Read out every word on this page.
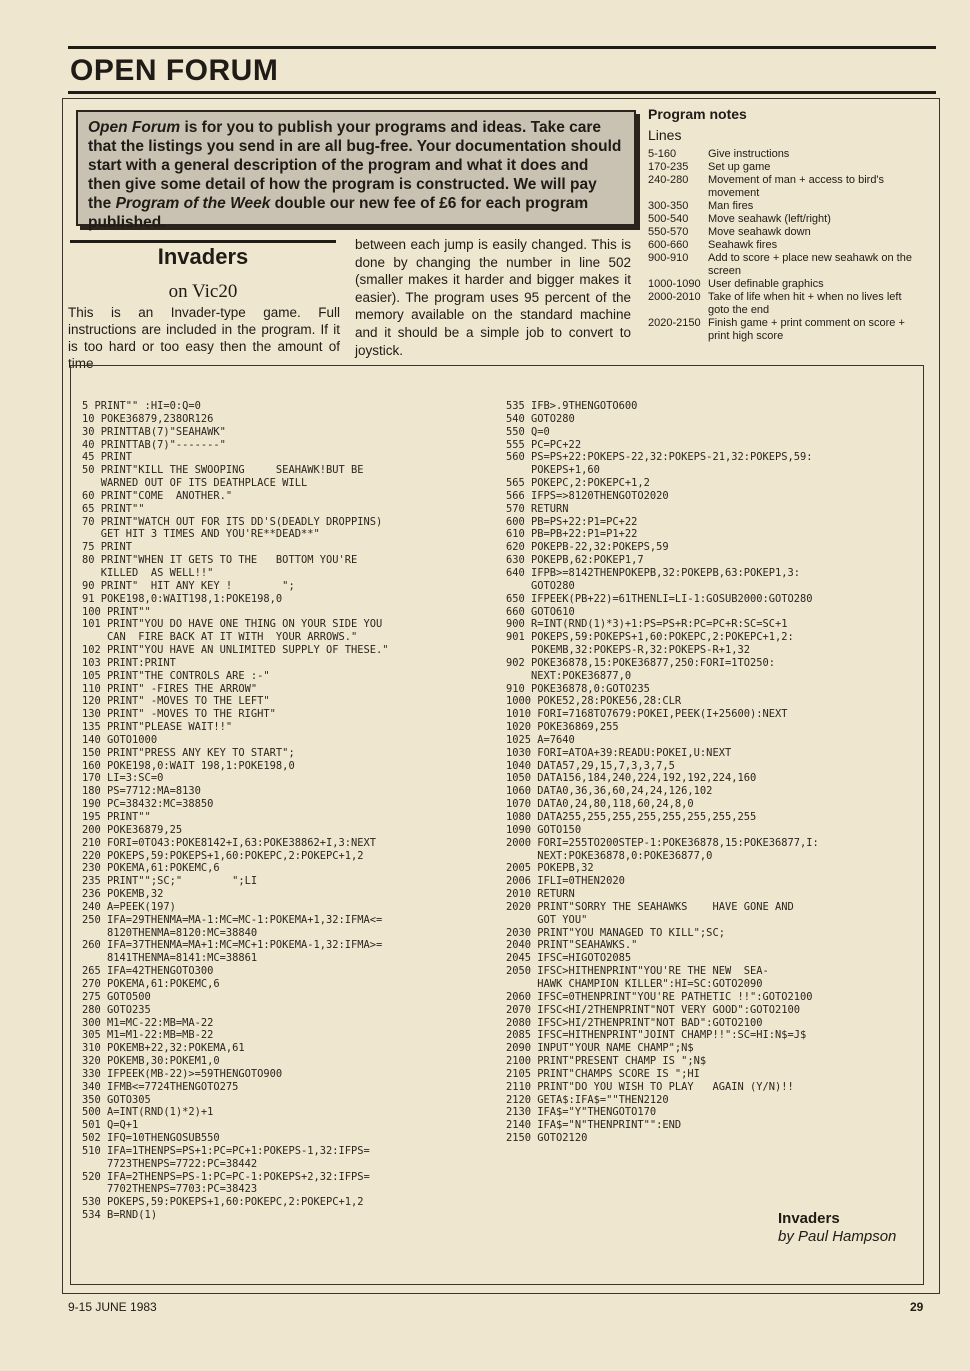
OPEN FORUM
Open Forum is for you to publish your programs and ideas. Take care that the listings you send in are all bug-free. Your documentation should start with a general description of the program and what it does and then give some detail of how the program is constructed. We will pay the Program of the Week double our new fee of £6 for each program published.
Program notes
Lines
5-160	Give instructions
170-235	Set up game
240-280	Movement of man + access to bird's movement
300-350	Man fires
500-540	Move seahawk (left/right)
550-570	Move seahawk down
600-660	Seahawk fires
900-910	Add to score + place new seahawk on the screen
1000-1090	User definable graphics
2000-2010	Take of life when hit + when no lives left goto the end
2020-2150	Finish game + print comment on score + print high score
Invaders
on Vic20
This is an Invader-type game. Full instructions are included in the program. If it is too hard or too easy then the amount of time
between each jump is easily changed. This is done by changing the number in line 502 (smaller makes it harder and bigger makes it easier). The program uses 95 percent of the memory available on the standard machine and it should be a simple job to convert to joystick.
5 PRINT"" :HI=0:Q=0
10 POKE36879,238OR126
30 PRINTTAB(7)"SEAHAWK"
40 PRINTTAB(7)"-------"
45 PRINT
50 PRINT"KILL THE SWOOPING     SEAHAWK!BUT BE
WARNED OUT OF ITS DEATHPLACE WILL
60 PRINT"COME  ANOTHER."
65 PRINT""
70 PRINT"WATCH OUT FOR ITS DD'S(DEADLY DROPPINS)
GET HIT 3 TIMES AND YOU'RE**DEAD**"
75 PRINT
80 PRINT"WHEN IT GETS TO THE   BOTTOM YOU'RE
KILLED  AS WELL!!"
90 PRINT"  HIT ANY KEY !        ";
91 POKE198,0:WAIT198,1:POKE198,0
100 PRINT""
101 PRINT"YOU DO HAVE ONE THING ON YOUR SIDE YOU
CAN  FIRE BACK AT IT WITH  YOUR ARROWS."
102 PRINT"YOU HAVE AN UNLIMITED SUPPLY OF THESE."
103 PRINT:PRINT
105 PRINT"THE CONTROLS ARE :-"
110 PRINT" -FIRES THE ARROW"
120 PRINT" -MOVES TO THE LEFT"
130 PRINT" -MOVES TO THE RIGHT"
135 PRINT"PLEASE WAIT!!"
140 GOTO1000
150 PRINT"PRESS ANY KEY TO START";
160 POKE198,0:WAIT 198,1:POKE198,0
170 LI=3:SC=0
180 PS=7712:MA=8130
190 PC=38432:MC=38850
195 PRINT""
200 POKE36879,25
210 FORI=0TO43:POKE8142+I,63:POKE38862+I,3:NEXT
220 POKEPS,59:POKEPS+1,60:POKEPC,2:POKEPC+1,2
230 POKEMA,61:POKEMC,6
235 PRINT"";SC;"        ";LI
236 POKEMB,32
240 A=PEEK(197)
250 IFA=29THENMA=MA-1:MC=MC-1:POKEMA+1,32:IFMA<=
8120THENMA=8120:MC=38840
260 IFA=37THENMA=MA+1:MC=MC+1:POKEMA-1,32:IFMA>=
8141THENMA=8141:MC=38861
265 IFA=42THENGOTO300
270 POKEMA,61:POKEMC,6
275 GOTO500
280 GOTO235
300 M1=MC-22:MB=MA-22
305 M1=M1-22:MB=MB-22
310 POKEMB+22,32:POKEMA,61
320 POKEMB,30:POKEM1,0
330 IFPEEK(MB-22)>=59THENGOTO900
340 IFMB<=7724THENGOTO275
350 GOTO305
500 A=INT(RND(1)*2)+1
501 Q=Q+1
502 IFQ=10THENGOSUB550
510 IFA=1THENPS=PS+1:PC=PC+1:POKEPS-1,32:IFPS=
7723THENPS=7722:PC=38442
520 IFA=2THENPS=PS-1:PC=PC-1:POKEPS+2,32:IFPS=
7702THENPS=7703:PC=38423
530 POKEPS,59:POKEPS+1,60:POKEPC,2:POKEPC+1,2
534 B=RND(1)
535 IFB>.9THENGOTO600
540 GOTO280
550 Q=0
555 PC=PC+22
560 PS=PS+22:POKEPS-22,32:POKEPS-21,32:POKEPS,59:
POKEPS+1,60
565 POKEPC,2:POKEPC+1,2
566 IFPS=>8120THENGOTO2020
570 RETURN
600 PB=PS+22:P1=PC+22
610 PB=PB+22:P1=P1+22
620 POKEPB-22,32:POKEPS,59
630 POKEPB,62:POKEP1,7
640 IFPB>=8142THENPOKEPB,32:POKEPB,63:POKEP1,3:
GOTO280
650 IFPEEK(PB+22)=61THENLI=LI-1:GOSUB2000:GOTO280
660 GOTO610
900 R=INT(RND(1)*3)+1:PS=PS+R:PC=PC+R:SC=SC+1
901 POKEPS,59:POKEPS+1,60:POKEPC,2:POKEPC+1,2:
POKEMB,32:POKEPS-R,32:POKEPS-R+1,32
902 POKE36878,15:POKE36877,250:FORI=1TO250:
NEXT:POKE36877,0
910 POKE36878,0:GOTO235
1000 POKE52,28:POKE56,28:CLR
1010 FORI=7168TO7679:POKEI,PEEK(I+25600):NEXT
1020 POKE36869,255
1025 A=7640
1030 FORI=ATOA+39:READU:POKEI,U:NEXT
1040 DATA57,29,15,7,3,3,7,5
1050 DATA156,184,240,224,192,192,224,160
1060 DATA0,36,36,60,24,24,126,102
1070 DATA0,24,80,118,60,24,8,0
1080 DATA255,255,255,255,255,255,255,255
1090 GOTO150
2000 FORI=255TO200STEP-1:POKE36878,15:POKE36877,I:
NEXT:POKE36878,0:POKE36877,0
2005 POKEPB,32
2006 IFLI=0THEN2020
2010 RETURN
2020 PRINT"SORRY THE SEAHAWKS    HAVE GONE AND
GOT YOU"
2030 PRINT"YOU MANAGED TO KILL";SC;
2040 PRINT"SEAHAWKS."
2045 IFSC=HIGOTO2085
2050 IFSC>HITHENPRINT"YOU'RE THE NEW  SEA-
HAWK CHAMPION KILLER":HI=SC:GOTO2090
2060 IFSC=0THENPRINT"YOU'RE PATHETIC !!":GOTO2100
2070 IFSC<HI/2THENPRINT"NOT VERY GOOD":GOTO2100
2080 IFSC>HI/2THENPRINT"NOT BAD":GOTO2100
2085 IFSC=HITHENPRINT"JOINT CHAMP!!":SC=HI:N$=J$
2090 INPUT"YOUR NAME CHAMP";N$
2100 PRINT"PRESENT CHAMP IS ";N$
2105 PRINT"CHAMPS SCORE IS ";HI
2110 PRINT"DO YOU WISH TO PLAY   AGAIN (Y/N)!!
2120 GETA$:IFA$=""THEN2120
2130 IFA$="Y"THENGOTO170
2140 IFA$="N"THENPRINT"":END
2150 GOTO2120
Invaders
by Paul Hampson
9-15 JUNE 1983	29
